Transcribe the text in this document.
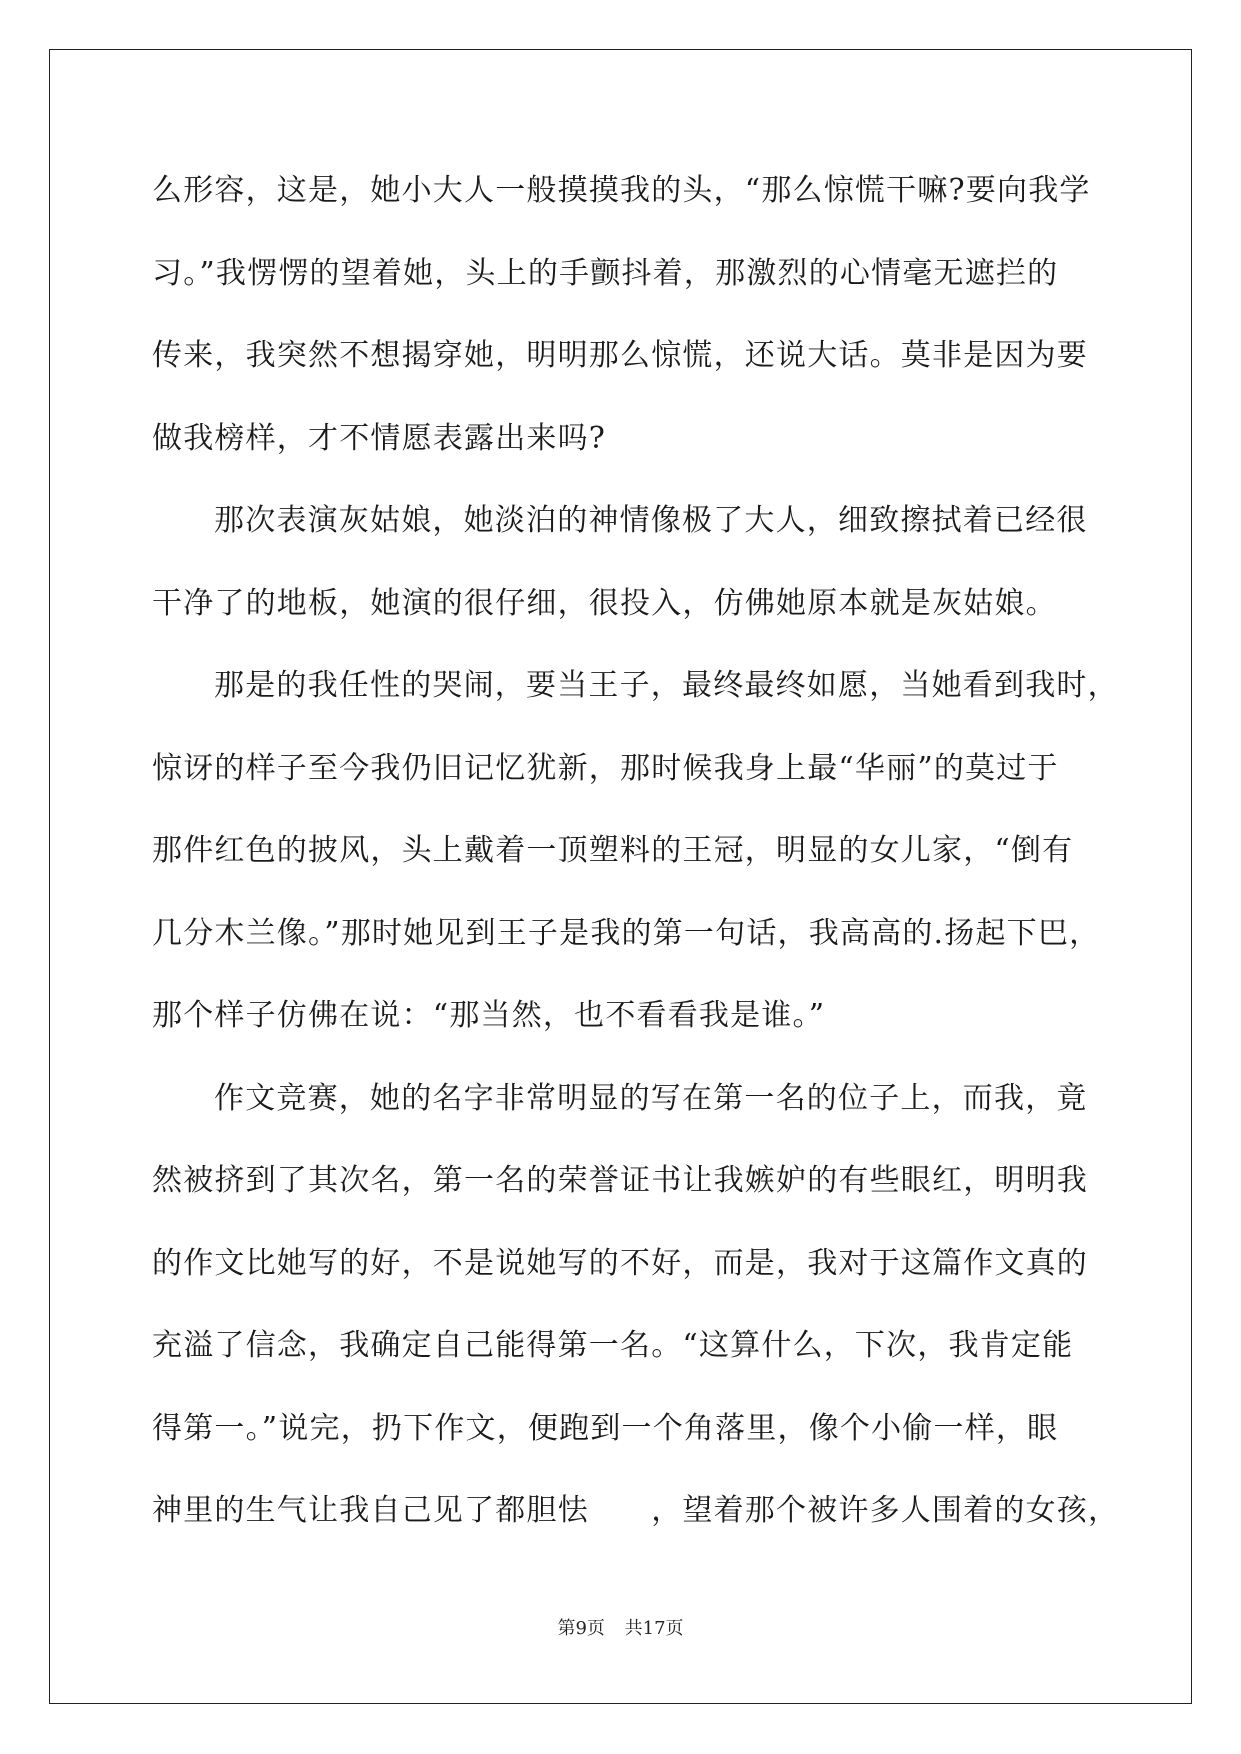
么形容，这是，她小大人一般摸摸我的头，“那么惊慌干嘛?要向我学
习。”我愣愣的望着她，头上的手颤抖着，那激烈的心情毫无遮拦的
传来，我突然不想揭穿她，明明那么惊慌，还说大话。莫非是因为要
做我榜样，才不情愿表露出来吗?
那次表演灰姑娘，她淡泊的神情像极了大人，细致擦拭着已经很
干净了的地板，她演的很仔细，很投入，仿佛她原本就是灰姑娘。
那是的我任性的哭闹，要当王子，最终最终如愿，当她看到我时，
惊讶的样子至今我仍旧记忆犹新，那时候我身上最“华丽”的莫过于
那件红色的披风，头上戴着一顶塑料的王冠，明显的女儿家，“倒有
几分木兰像。”那时她见到王子是我的第一句话，我高高的.扬起下巴，
那个样子仿佛在说：“那当然，也不看看我是谁。”
作文竞赛，她的名字非常明显的写在第一名的位子上，而我，竟
然被挤到了其次名，第一名的荣誉证书让我嫉妒的有些眼红，明明我
的作文比她写的好，不是说她写的不好，而是，我对于这篇作文真的
充溢了信念，我确定自己能得第一名。“这算什么，下次，我肯定能
得第一。”说完，扔下作文，便跑到一个角落里，像个小偷一样，眼
神里的生气让我自己见了都胆怯　　，望着那个被许多人围着的女孩，
第9页 共17页
